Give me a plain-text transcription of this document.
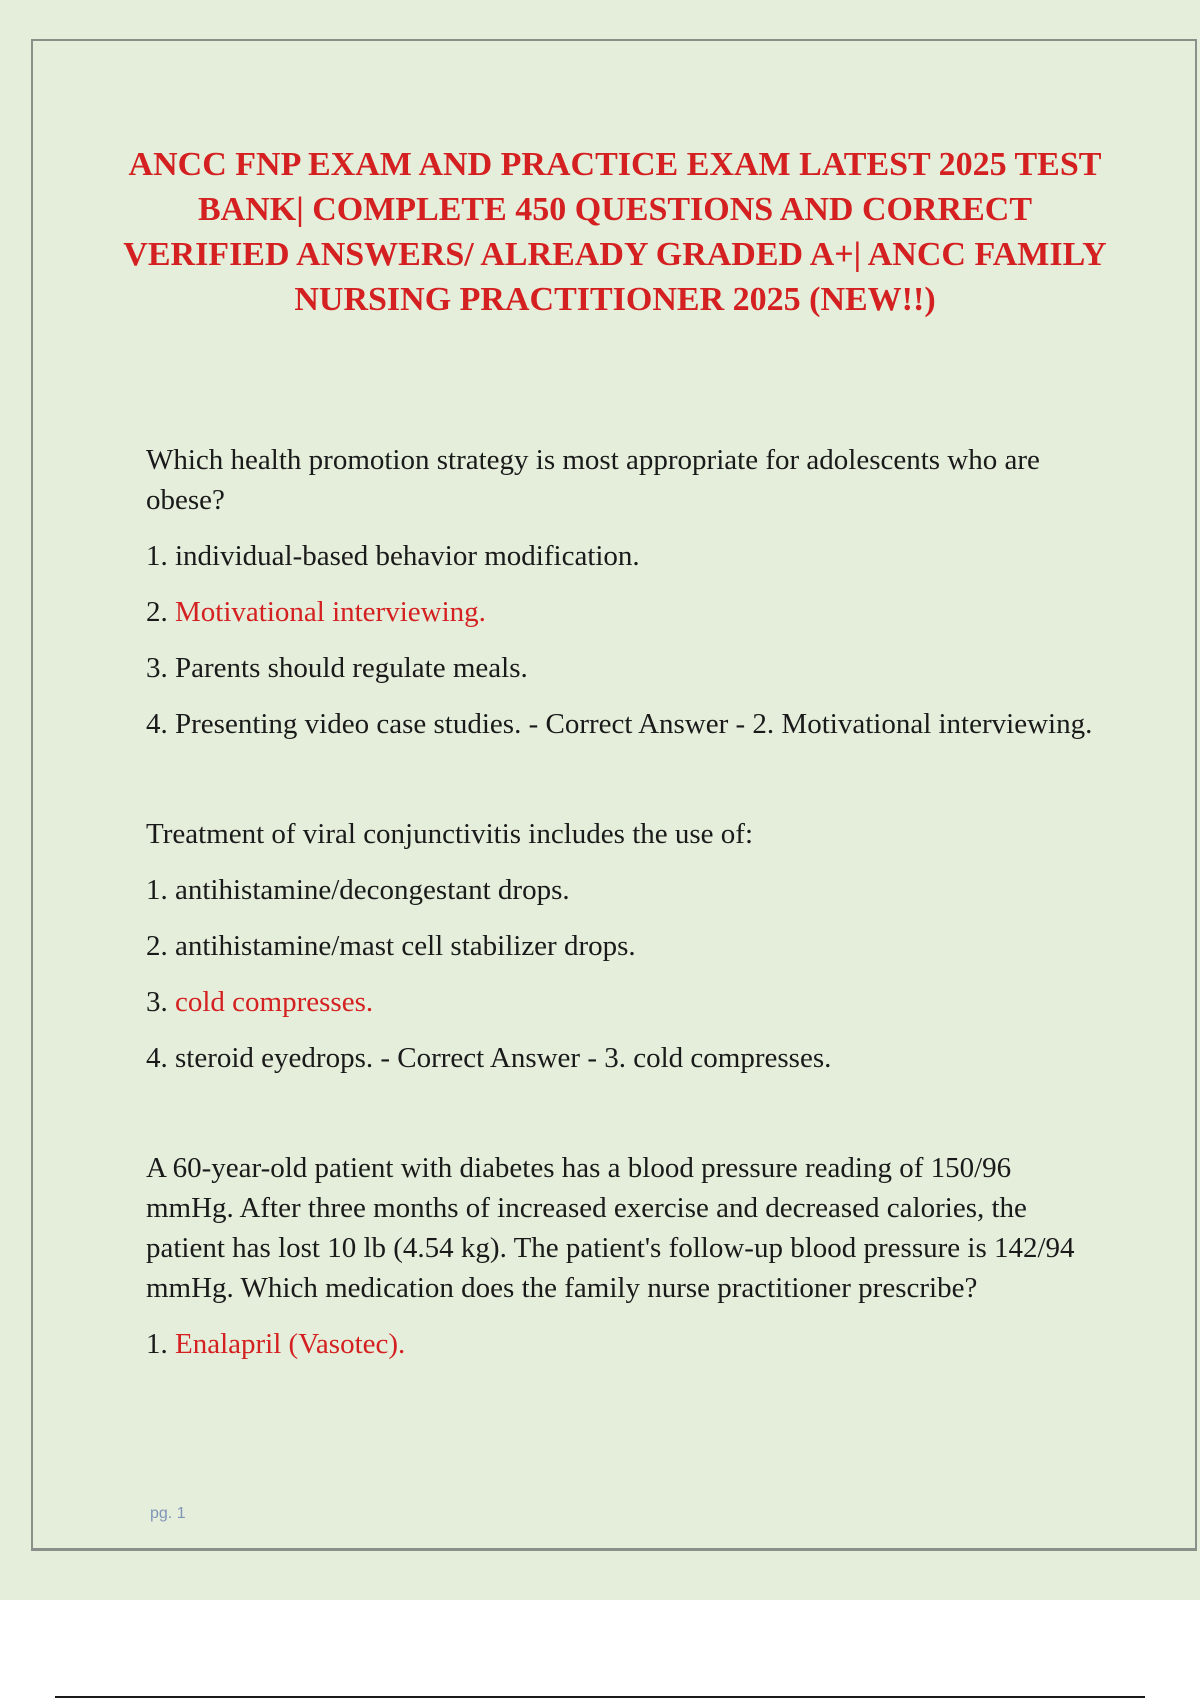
ANCC FNP EXAM AND PRACTICE EXAM LATEST 2025 TEST BANK| COMPLETE 450 QUESTIONS AND CORRECT VERIFIED ANSWERS/ ALREADY GRADED A+| ANCC FAMILY NURSING PRACTITIONER 2025 (NEW!!)

Which health promotion strategy is most appropriate for adolescents who are obese?

1. individual-based behavior modification.

2. Motivational interviewing.

3. Parents should regulate meals.

4. Presenting video case studies. - Correct Answer - 2. Motivational interviewing.

Treatment of viral conjunctivitis includes the use of:

1. antihistamine/decongestant drops.

2. antihistamine/mast cell stabilizer drops.

3. cold compresses.

4. steroid eyedrops. - Correct Answer - 3. cold compresses.

A 60-year-old patient with diabetes has a blood pressure reading of 150/96 mmHg. After three months of increased exercise and decreased calories, the patient has lost 10 lb (4.54 kg). The patient's follow-up blood pressure is 142/94 mmHg. Which medication does the family nurse practitioner prescribe?

1. Enalapril (Vasotec).

pg. 1
